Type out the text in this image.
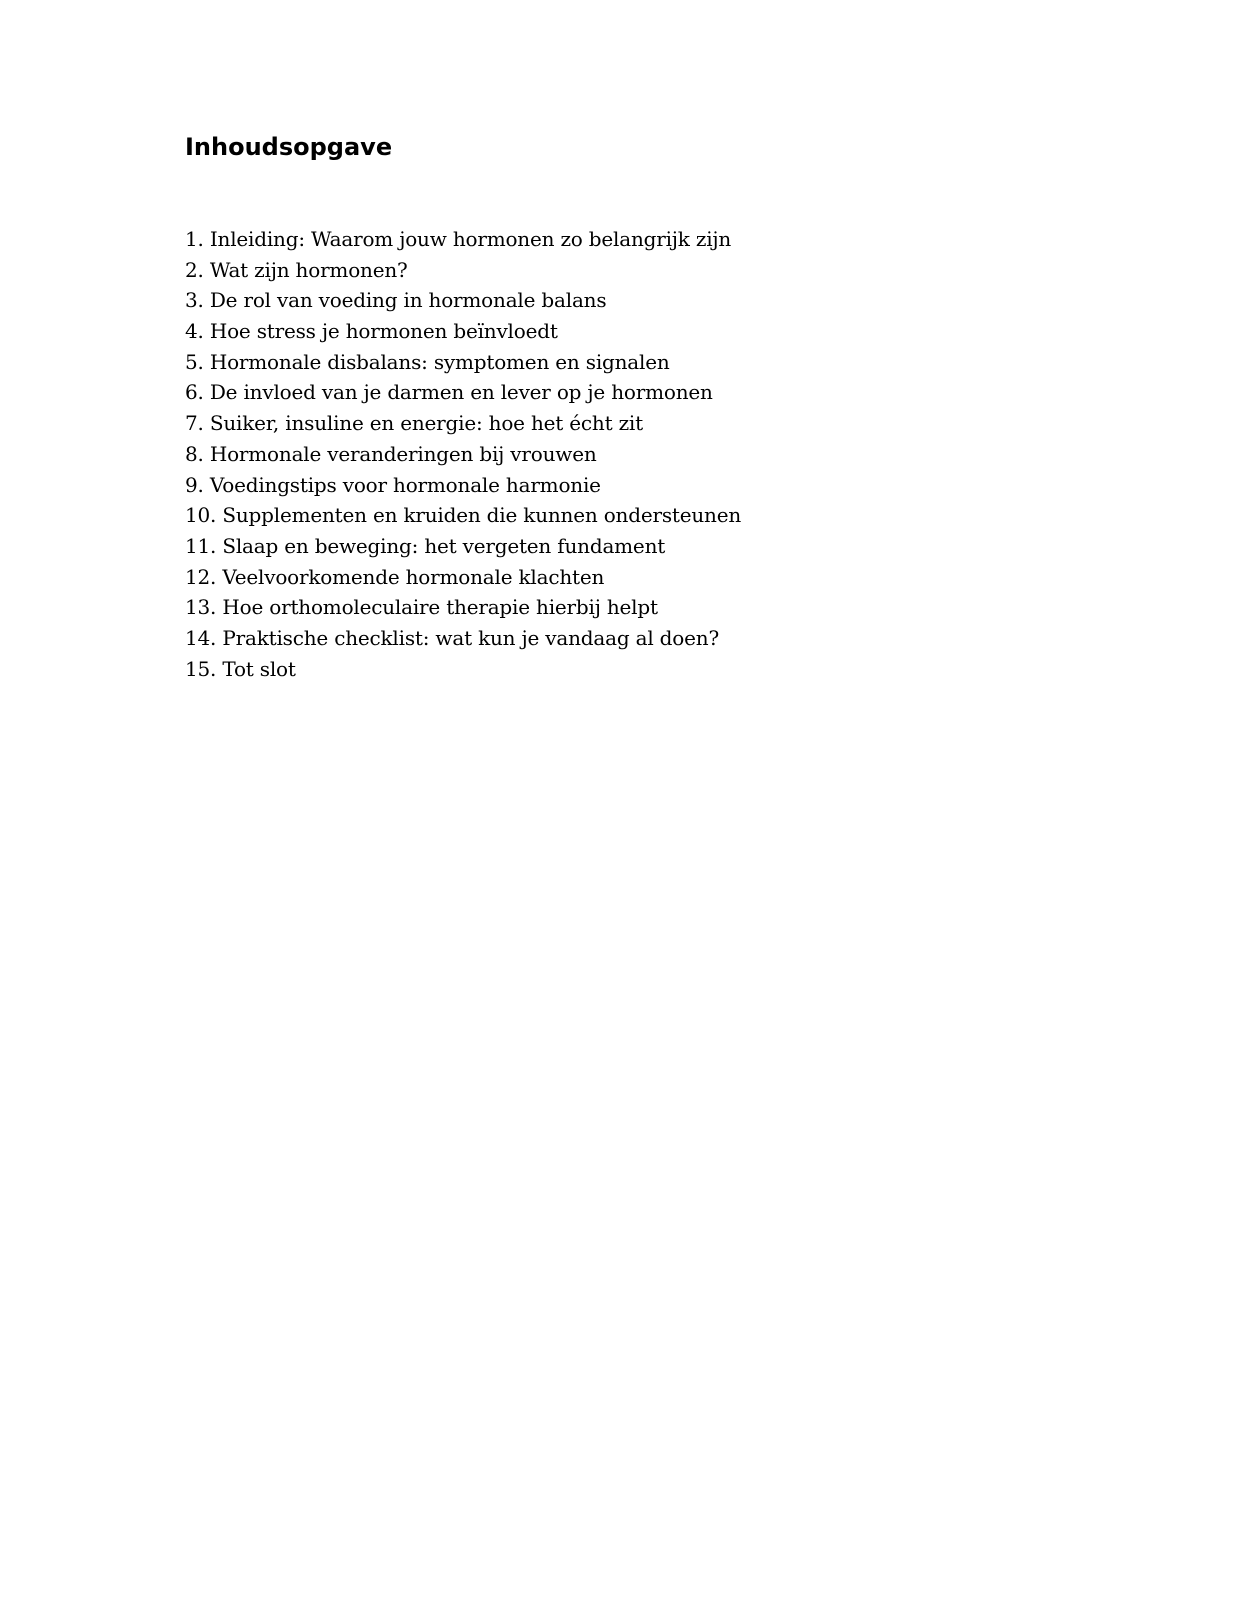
Inhoudsopgave
1. Inleiding: Waarom jouw hormonen zo belangrijk zijn
2. Wat zijn hormonen?
3. De rol van voeding in hormonale balans
4. Hoe stress je hormonen beïnvloedt
5. Hormonale disbalans: symptomen en signalen
6. De invloed van je darmen en lever op je hormonen
7. Suiker, insuline en energie: hoe het écht zit
8. Hormonale veranderingen bij vrouwen
9. Voedingstips voor hormonale harmonie
10. Supplementen en kruiden die kunnen ondersteunen
11. Slaap en beweging: het vergeten fundament
12. Veelvoorkomende hormonale klachten
13. Hoe orthomoleculaire therapie hierbij helpt
14. Praktische checklist: wat kun je vandaag al doen?
15. Tot slot
